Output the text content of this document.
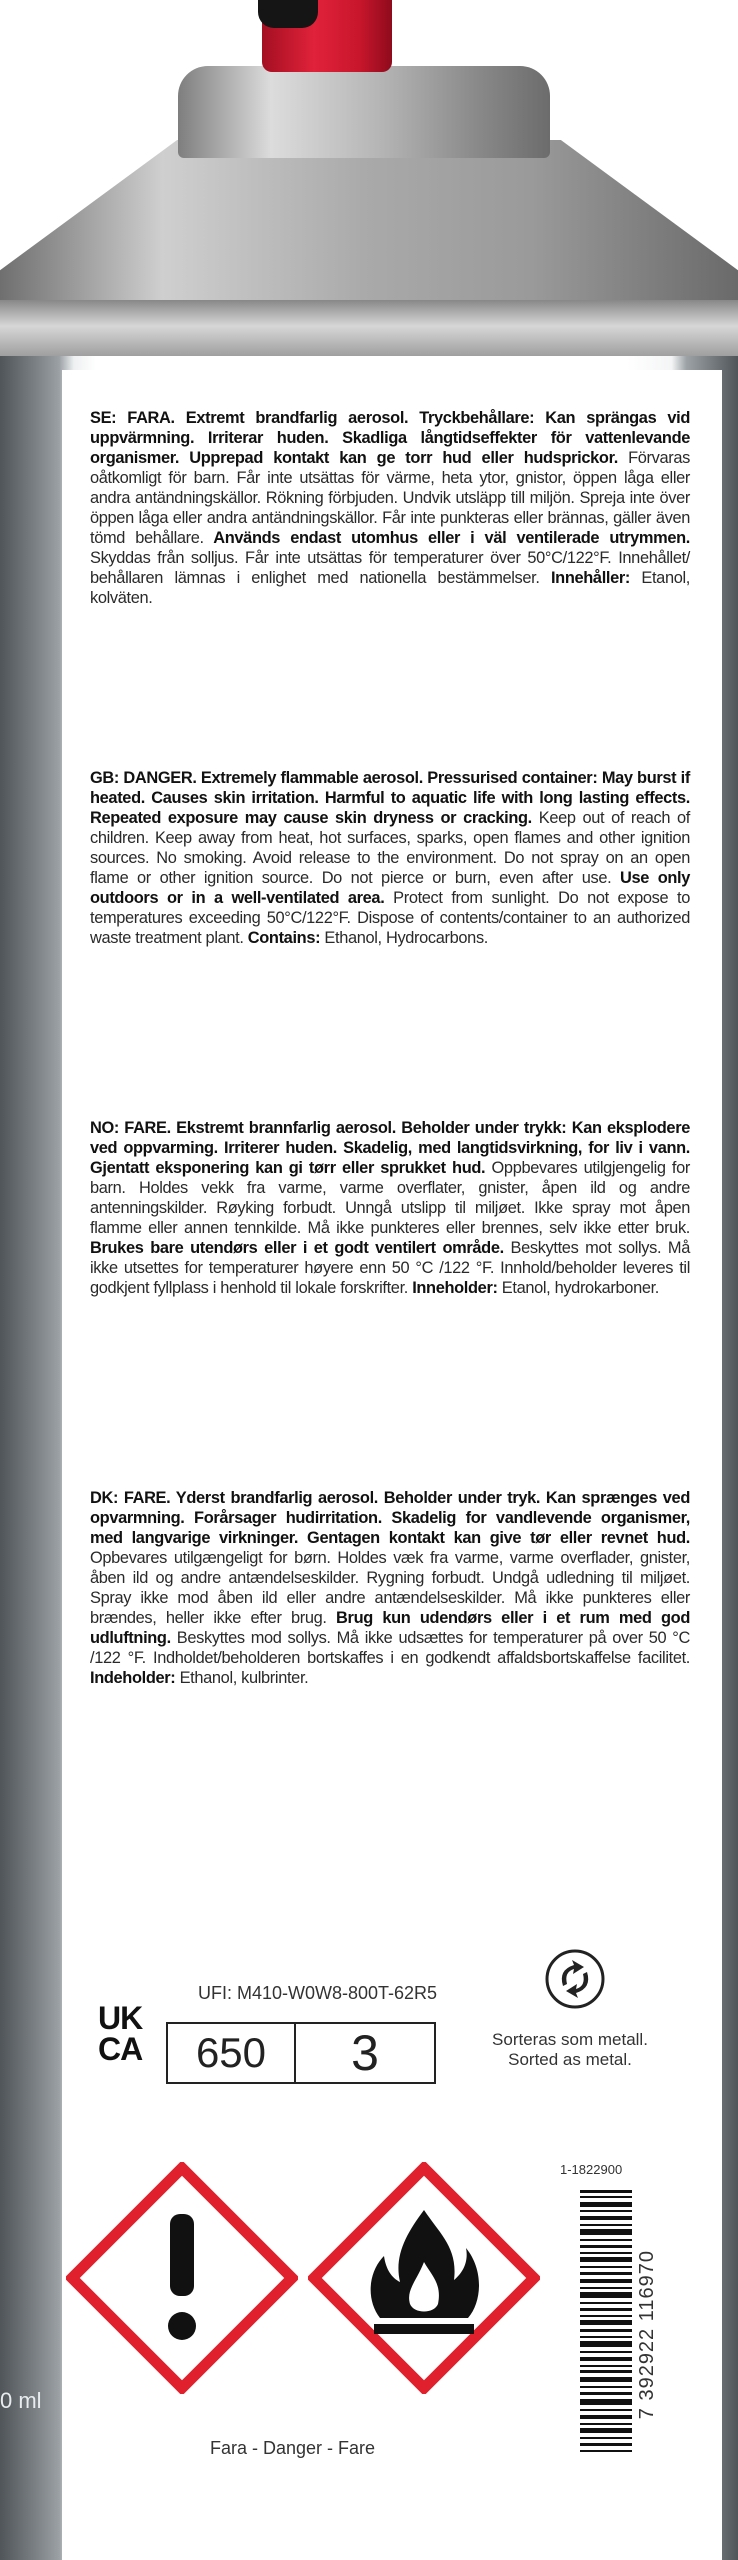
0 ml
SE: FARA. Extremt brandfarlig aerosol. Tryckbehållare: Kan sprängas vid uppvärmning. Irriterar huden. Skadliga långtidseffekter för vattenlevande organismer. Upprepad kontakt kan ge torr hud eller hudsprickor. Förvaras oåtkomligt för barn. Får inte utsättas för värme, heta ytor, gnistor, öppen låga eller andra antändningskällor. Rökning förbjuden. Undvik utsläpp till miljön. Spreja inte över öppen låga eller andra antändningskällor. Får inte punkteras eller brännas, gäller även tömd behållare. Används endast utomhus eller i väl ventilerade utrymmen. Skyddas från solljus. Får inte utsättas för temperaturer över 50°C/122°F. Innehållet/ behållaren lämnas i enlighet med nationella bestämmelser. Innehåller: Etanol, kolväten.
GB: DANGER. Extremely flammable aerosol. Pressurised container: May burst if heated. Causes skin irritation. Harmful to aquatic life with long lasting effects. Repeated exposure may cause skin dryness or cracking. Keep out of reach of children. Keep away from heat, hot surfaces, sparks, open flames and other ignition sources. No smoking. Avoid release to the environment. Do not spray on an open flame or other ignition source. Do not pierce or burn, even after use. Use only outdoors or in a well-ventilated area. Protect from sunlight. Do not expose to temperatures exceeding 50°C/122°F. Dispose of contents/container to an authorized waste treatment plant. Contains: Ethanol, Hydrocarbons.
NO: FARE. Ekstremt brannfarlig aerosol. Beholder under trykk: Kan eksplodere ved oppvarming. Irriterer huden. Skadelig, med langtidsvirkning, for liv i vann. Gjentatt eksponering kan gi tørr eller sprukket hud. Oppbevares utilgjengelig for barn. Holdes vekk fra varme, varme overflater, gnister, åpen ild og andre antenningskilder. Røyking forbudt. Unngå utslipp til miljøet. Ikke spray mot åpen flamme eller annen tennkilde. Må ikke punkteres eller brennes, selv ikke etter bruk. Brukes bare utendørs eller i et godt ventilert område. Beskyttes mot sollys. Må ikke utsettes for temperaturer høyere enn 50 °C /122 °F. Innhold/beholder leveres til godkjent fyllplass i henhold til lokale forskrifter. Inneholder: Etanol, hydrokarboner.
DK: FARE. Yderst brandfarlig aerosol. Beholder under tryk. Kan sprænges ved opvarmning. Forårsager hudirritation. Skadelig for vandlevende organismer, med langvarige virkninger. Gentagen kontakt kan give tør eller revnet hud. Opbevares utilgængeligt for børn. Holdes væk fra varme, varme overflader, gnister, åben ild og andre antændelseskilder. Rygning forbudt. Undgå udledning til miljøet. Spray ikke mod åben ild eller andre antændelseskilder. Må ikke punkteres eller brændes, heller ikke efter brug. Brug kun udendørs eller i et rum med god udluftning. Beskyttes mod sollys. Må ikke udsættes for temperaturer på over 50 °C /122 °F. Indholdet/beholderen bortskaffes i en godkendt affaldsbortskaffelse facilitet. Indeholder: Ethanol, kulbrinter.
UFI: M410-W0W8-800T-62R5
UK CA	650	3	Sorteras som metall.
Sorted as metal.
Fara - Danger - Fare
1-1822900
7 392922 116970
